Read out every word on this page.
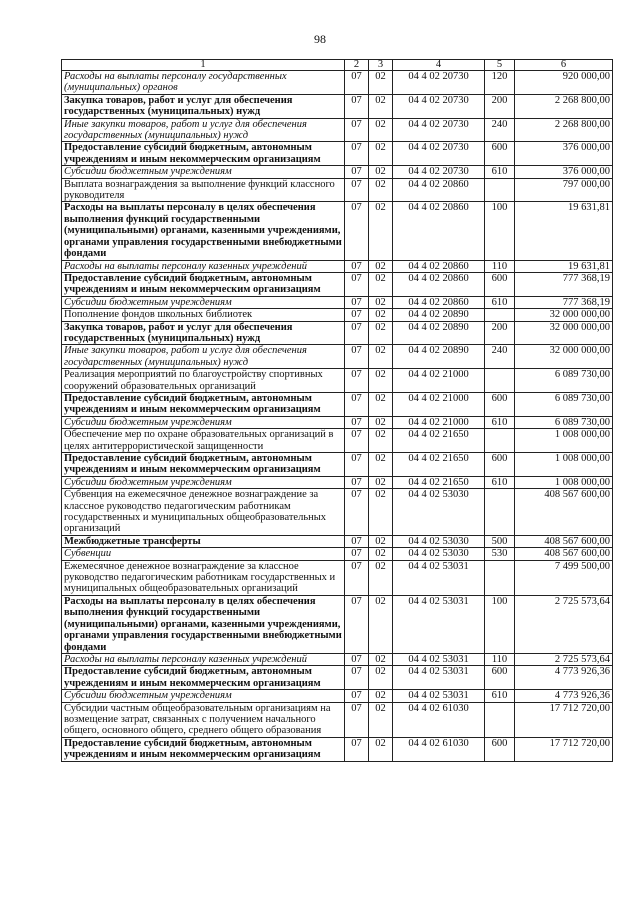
98
1	2	3	4	5	6
Расходы на выплаты персоналу государственных (муниципальных) органов	07	02	04 4 02 20730	120	920 000,00
Закупка товаров, работ и услуг для обеспечения государственных (муниципальных) нужд	07	02	04 4 02 20730	200	2 268 800,00
Иные закупки товаров, работ и услуг для обеспечения государственных (муниципальных) нужд	07	02	04 4 02 20730	240	2 268 800,00
Предоставление субсидий бюджетным, автономным учреждениям и иным некоммерческим организациям	07	02	04 4 02 20730	600	376 000,00
Субсидии бюджетным учреждениям	07	02	04 4 02 20730	610	376 000,00
Выплата вознаграждения за выполнение функций классного руководителя	07	02	04 4 02 20860		797 000,00
Расходы на выплаты персоналу в целях обеспечения выполнения функций государственными (муниципальными) органами, казенными учреждениями, органами управления государственными внебюджетными фондами	07	02	04 4 02 20860	100	19 631,81
Расходы на выплаты персоналу казенных учреждений	07	02	04 4 02 20860	110	19 631,81
Предоставление субсидий бюджетным, автономным учреждениям и иным некоммерческим организациям	07	02	04 4 02 20860	600	777 368,19
Субсидии бюджетным учреждениям	07	02	04 4 02 20860	610	777 368,19
Пополнение фондов школьных библиотек	07	02	04 4 02 20890		32 000 000,00
Закупка товаров, работ и услуг для обеспечения государственных (муниципальных) нужд	07	02	04 4 02 20890	200	32 000 000,00
Иные закупки товаров, работ и услуг для обеспечения государственных (муниципальных) нужд	07	02	04 4 02 20890	240	32 000 000,00
Реализация мероприятий по благоустройству спортивных сооружений образовательных организаций	07	02	04 4 02 21000		6 089 730,00
Предоставление субсидий бюджетным, автономным учреждениям и иным некоммерческим организациям	07	02	04 4 02 21000	600	6 089 730,00
Субсидии бюджетным учреждениям	07	02	04 4 02 21000	610	6 089 730,00
Обеспечение мер по охране образовательных организаций в целях антитеррористической защищенности	07	02	04 4 02 21650		1 008 000,00
Предоставление субсидий бюджетным, автономным учреждениям и иным некоммерческим организациям	07	02	04 4 02 21650	600	1 008 000,00
Субсидии бюджетным учреждениям	07	02	04 4 02 21650	610	1 008 000,00
Субвенция на ежемесячное денежное вознаграждение за классное руководство педагогическим работникам государственных и муниципальных общеобразовательных организаций	07	02	04 4 02 53030		408 567 600,00
Межбюджетные трансферты	07	02	04 4 02 53030	500	408 567 600,00
Субвенции	07	02	04 4 02 53030	530	408 567 600,00
Ежемесячное денежное вознаграждение за классное руководство педагогическим работникам государственных и муниципальных общеобразовательных организаций	07	02	04 4 02 53031		7 499 500,00
Расходы на выплаты персоналу в целях обеспечения выполнения функций государственными (муниципальными) органами, казенными учреждениями, органами управления государственными внебюджетными фондами	07	02	04 4 02 53031	100	2 725 573,64
Расходы на выплаты персоналу казенных учреждений	07	02	04 4 02 53031	110	2 725 573,64
Предоставление субсидий бюджетным, автономным учреждениям и иным некоммерческим организациям	07	02	04 4 02 53031	600	4 773 926,36
Субсидии бюджетным учреждениям	07	02	04 4 02 53031	610	4 773 926,36
Субсидии частным общеобразовательным организациям на возмещение затрат, связанных с получением начального общего, основного общего, среднего общего образования	07	02	04 4 02 61030		17 712 720,00
Предоставление субсидий бюджетным, автономным учреждениям и иным некоммерческим организациям	07	02	04 4 02 61030	600	17 712 720,00
